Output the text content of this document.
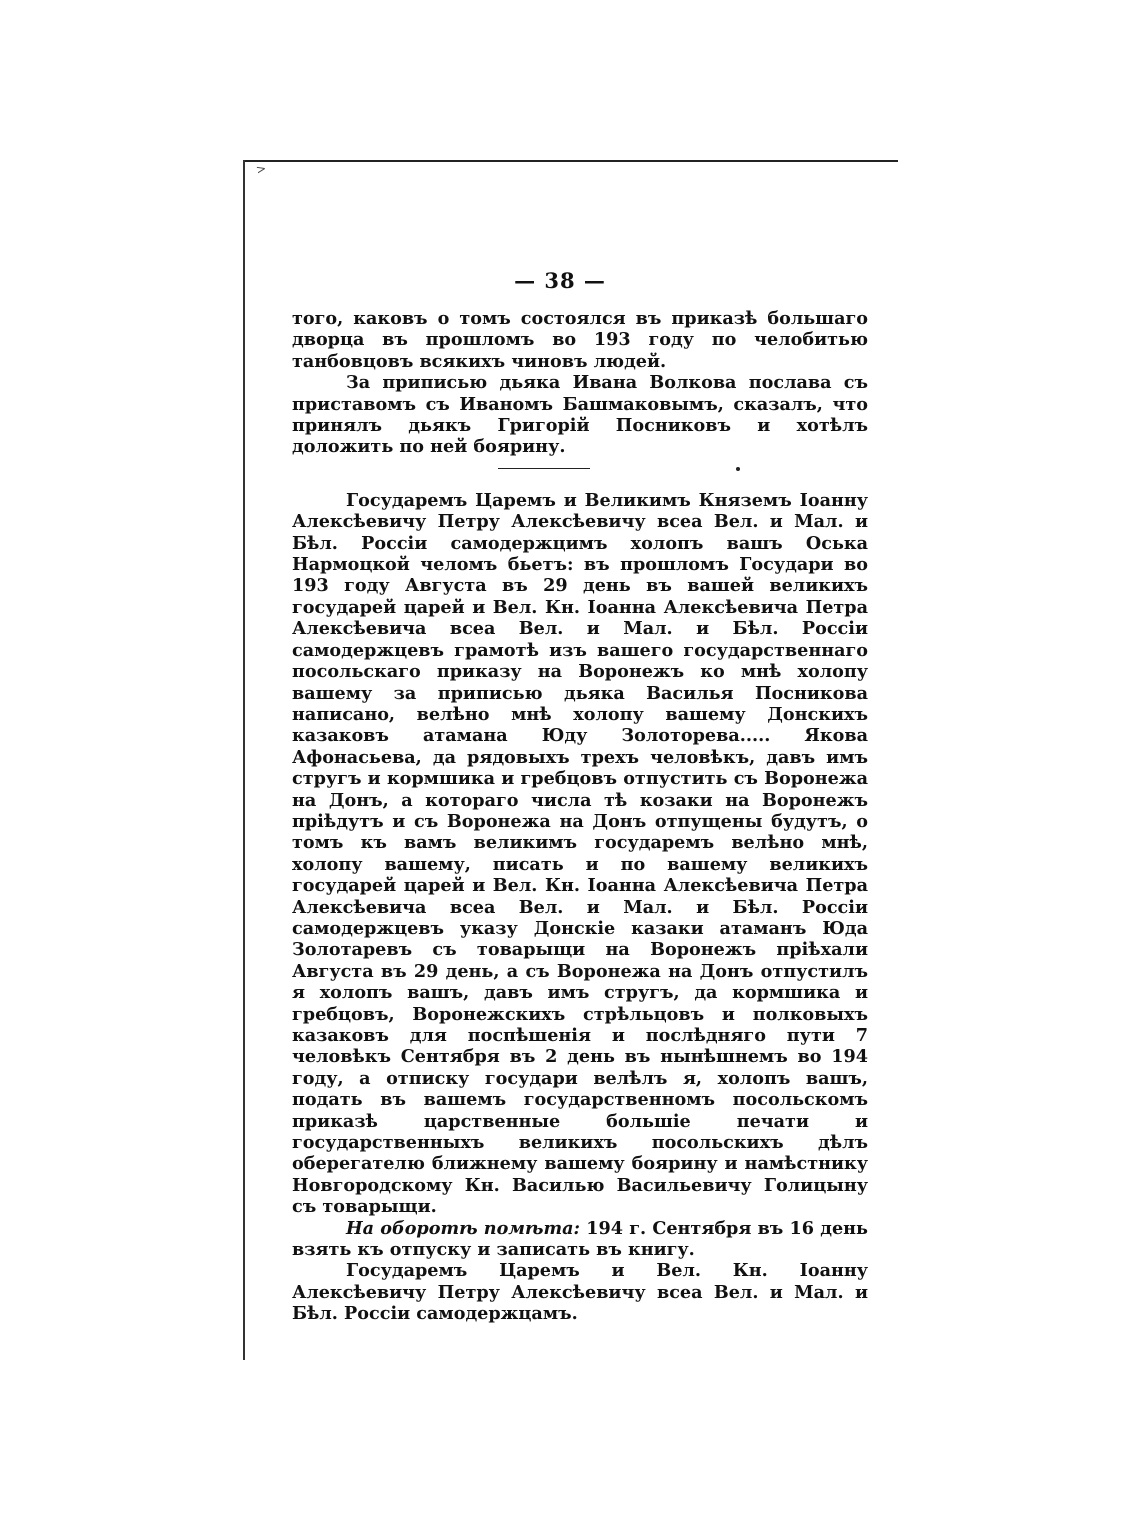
>
— 38 —

того, каковъ о томъ состоялся въ приказѣ большаго дворца въ прошломъ во 193 году по челобитью танбовцовъ всякихъ чиновъ людей.

За приписью дьяка Ивана Волкова послава съ приставомъ съ Иваномъ Башмаковымъ, сказалъ, что принялъ дьякъ Григорій Посниковъ и хотѣлъ доложить по ней боярину.

Государемъ Царемъ и Великимъ Княземъ Іоанну Алексѣевичу Петру Алексѣевичу всеа Вел. и Мал. и Бѣл. Россіи самодержцимъ холопъ вашъ Оська Нармоцкой челомъ бьетъ: въ прошломъ Государи во 193 году Августа въ 29 день въ вашей великихъ государей царей и Вел. Кн. Іоанна Алексѣевича Петра Алексѣевича всеа Вел. и Мал. и Бѣл. Россіи самодержцевъ грамотѣ изъ вашего государственнаго посольскаго приказу на Воронежъ ко мнѣ холопу вашему за приписью дьяка Василья Посникова написано, велѣно мнѣ холопу вашему Донскихъ казаковъ атамана Юду Золоторева..... Якова Афонасьева, да рядовыхъ трехъ человѣкъ, давъ имъ стругъ и кормшика и гребцовъ отпустить съ Воронежа на Донъ, а котораго числа тѣ козаки на Воронежъ пріѣдутъ и съ Воронежа на Донъ отпущены будутъ, о томъ къ вамъ великимъ государемъ велѣно мнѣ, холопу вашему, писать и по вашему великихъ государей царей и Вел. Кн. Іоанна Алексѣевича Петра Алексѣевича всеа Вел. и Мал. и Бѣл. Россіи самодержцевъ указу Донскіе казаки атаманъ Юда Золотаревъ съ товарыщи на Воронежъ пріѣхали Августа въ 29 день, а съ Воронежа на Донъ отпустилъ я холопъ вашъ, давъ имъ стругъ, да кормшика и гребцовъ, Воронежскихъ стрѣльцовъ и полковыхъ казаковъ для поспѣшенія и послѣдняго пути 7 человѣкъ Сентября въ 2 день въ нынѣшнемъ во 194 году, а отписку государи велѣлъ я, холопъ вашъ, подать въ вашемъ государственномъ посольскомъ приказѣ царственные большіе печати и государственныхъ великихъ посольскихъ дѣлъ оберегателю ближнему вашему боярину и намѣстнику Новгородскому Кн. Василью Васильевичу Голицыну съ товарыщи.

На оборотѣ помѣта: 194 г. Сентября въ 16 день взять къ отпуску и записать въ книгу.

Государемъ Царемъ и Вел. Кн. Іоанну Алексѣевичу Петру Алексѣевичу всеа Вел. и Мал. и Бѣл. Россіи самодержцамъ.
